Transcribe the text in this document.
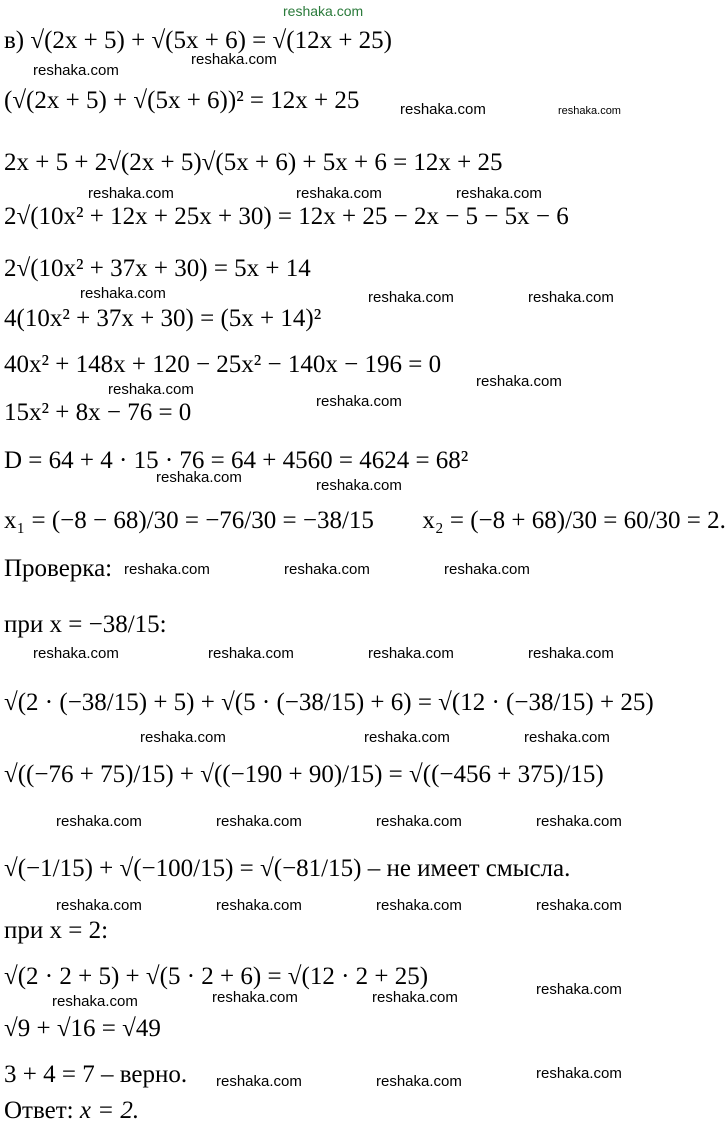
reshaka.com
reshaka.com
reshaka.com
reshaka.com	reshaka.com
reshaka.com	reshaka.com	reshaka.com
reshaka.com	reshaka.com	reshaka.com
reshaka.com	reshaka.com
reshaka.com
reshaka.com	reshaka.com
reshaka.com	reshaka.com	reshaka.com
reshaka.com	reshaka.com	reshaka.com	reshaka.com
reshaka.com	reshaka.com	reshaka.com
reshaka.com	reshaka.com	reshaka.com	reshaka.com
reshaka.com	reshaka.com	reshaka.com	reshaka.com
reshaka.com	reshaka.com	reshaka.com	reshaka.com
reshaka.com	reshaka.com	reshaka.com
в) √(2x + 5) + √(5x + 6) = √(12x + 25)
(√(2x + 5) + √(5x + 6))² = 12x + 25
2x + 5 + 2√(2x + 5)√(5x + 6) + 5x + 6 = 12x + 25
2√(10x² + 12x + 25x + 30) = 12x + 25 − 2x − 5 − 5x − 6
2√(10x² + 37x + 30) = 5x + 14
4(10x² + 37x + 30) = (5x + 14)²
40x² + 148x + 120 − 25x² − 140x − 196 = 0
15x² + 8x − 76 = 0
D = 64 + 4 · 15 · 76 = 64 + 4560 = 4624 = 68²
x₁ = (−8 − 68)/30 = −76/30 = −38/15 x₂ = (−8 + 68)/30 = 60/30 = 2.
Проверка:
при x = −38/15:
√(2 · (−38/15) + 5) + √(5 · (−38/15) + 6) = √(12 · (−38/15) + 25)
√((−76 + 75)/15) + √((−190 + 90)/15) = √((−456 + 375)/15)
√(−1/15) + √(−100/15) = √(−81/15) – не имеет смысла.
при x = 2:
√(2 · 2 + 5) + √(5 · 2 + 6) = √(12 · 2 + 25)
√9 + √16 = √49
3 + 4 = 7 – верно.
Ответ: x = 2.
